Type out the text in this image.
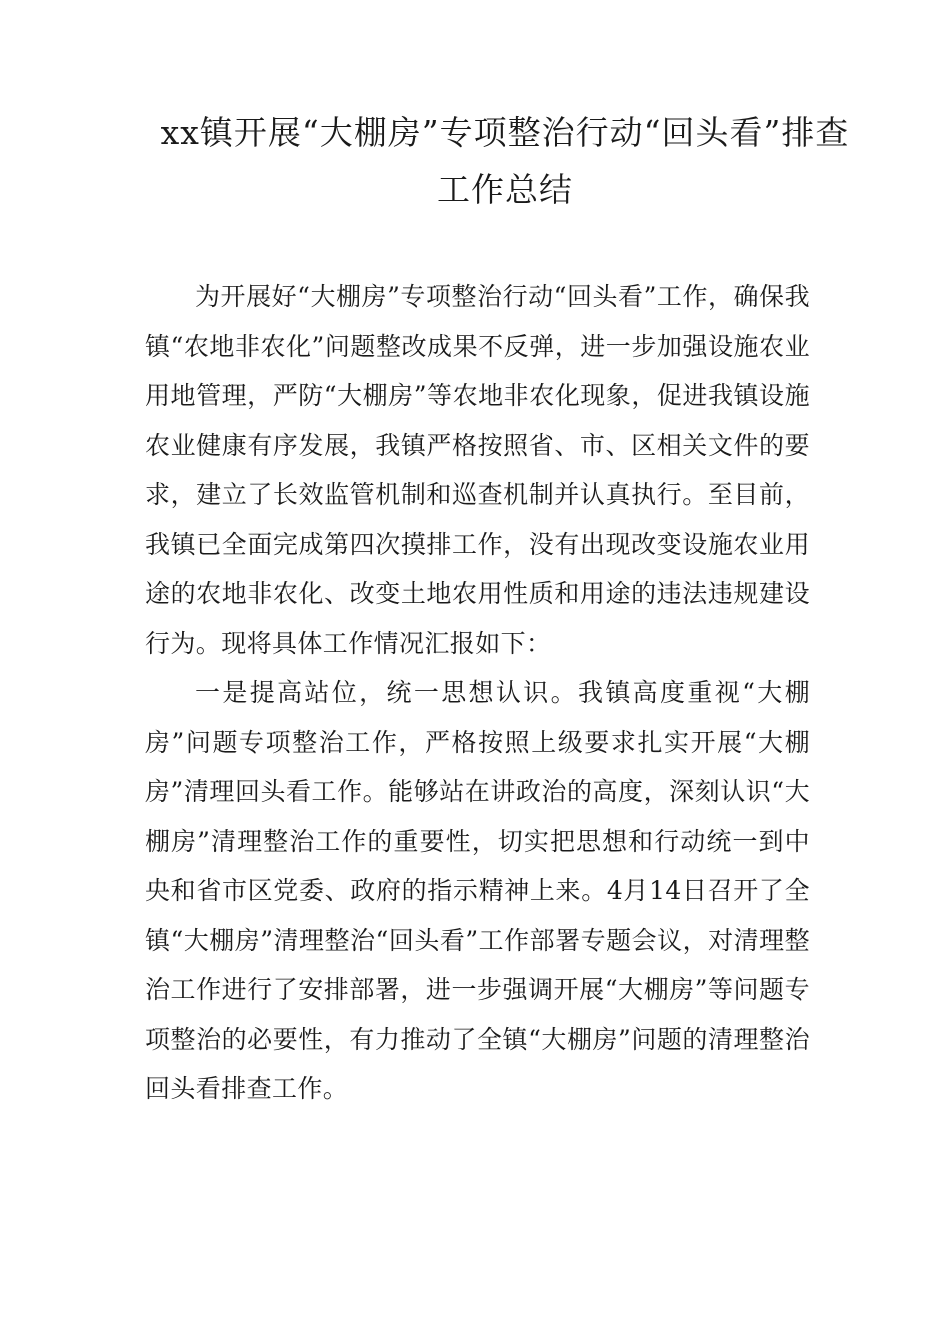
xx镇开展“大棚房”专项整治行动“回头看”排查工作总结

为开展好“大棚房”专项整治行动“回头看”工作，确保我镇“农地非农化”问题整改成果不反弹，进一步加强设施农业用地管理，严防“大棚房”等农地非农化现象，促进我镇设施农业健康有序发展，我镇严格按照省、市、区相关文件的要求，建立了长效监管机制和巡查机制并认真执行。至目前，我镇已全面完成第四次摸排工作，没有出现改变设施农业用途的农地非农化、改变土地农用性质和用途的违法违规建设行为。现将具体工作情况汇报如下：

一是提高站位，统一思想认识。我镇高度重视“大棚房”问题专项整治工作，严格按照上级要求扎实开展“大棚房”清理回头看工作。能够站在讲政治的高度，深刻认识“大棚房”清理整治工作的重要性，切实把思想和行动统一到中央和省市区党委、政府的指示精神上来。4月14日召开了全镇“大棚房”清理整治“回头看”工作部署专题会议，对清理整治工作进行了安排部署，进一步强调开展“大棚房”等问题专项整治的必要性，有力推动了全镇“大棚房”问题的清理整治回头看排查工作。
